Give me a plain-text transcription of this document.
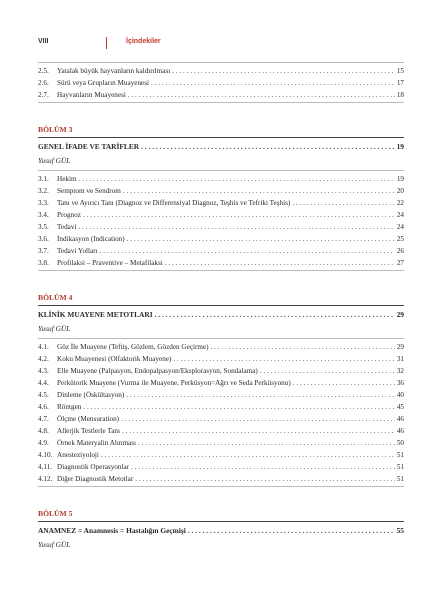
VIII	İçindekiler
2.5.	Yatalak büyük hayvanların kaldırılması . . .	15
2.6.	Sürü veya Grupların Muayenesi . . .	17
2.7.	Hayvanların Muayenesi . . .	18
BÖLÜM 3
GENEL İFADE VE TARİFLER . . .	19
Yusuf GÜL
3.1.	Hekim . . .	19
3.2.	Semptom ve Sendrom . . .	20
3.3.	Tanı ve Ayırıcı Tanı (Diagnoz ve Differensiyal Diagnoz, Teşhis ve Tefriki Teşhis) . . .	22
3.4.	Prognoz . . .	24
3.5.	Tedavi . . .	24
3.6.	İndikasyon (Indication) . . .	25
3.7.	Tedavi Yolları . . .	26
3.8.	Profilaksi – Praventive – Metafilaksi . . .	27
BÖLÜM 4
KLİNİK MUAYENE METOTLARI . . .	29
Yusuf GÜL
4.1.	Göz İle Muayene (Teftiş, Gözlem, Gözden Geçirme) . . .	29
4.2.	Koku Muayenesi (Olfaktorik Muayene) . . .	31
4.3.	Elle Muayene (Palpasyon, Endopalpasyon/Eksplorasyon, Sondalama) . . .	32
4.4.	Perkütorik Muayene (Vurma ile Muayene, Perküsyon=Ağrı ve Seda Perküsyonu) . . .	36
4.5.	Dinleme (Öskültasyon) . . .	40
4.6.	Röntgen . . .	45
4.7.	Ölçme (Mensuration) . . .	46
4.8.	Allerjik Testlerle Tanı . . .	46
4.9.	Örnek Materyalin Alınması . . .	50
4.10. Anesteziyoloji . . .	51
4.11. Diagnostik Operasyonlar . . .	51
4.12. Diğer Diagnostik Metotlar . . .	51
BÖLÜM 5
ANAMNEZ = Anamnesis = Hastalığın Geçmişi . . .	55
Yusuf GÜL
